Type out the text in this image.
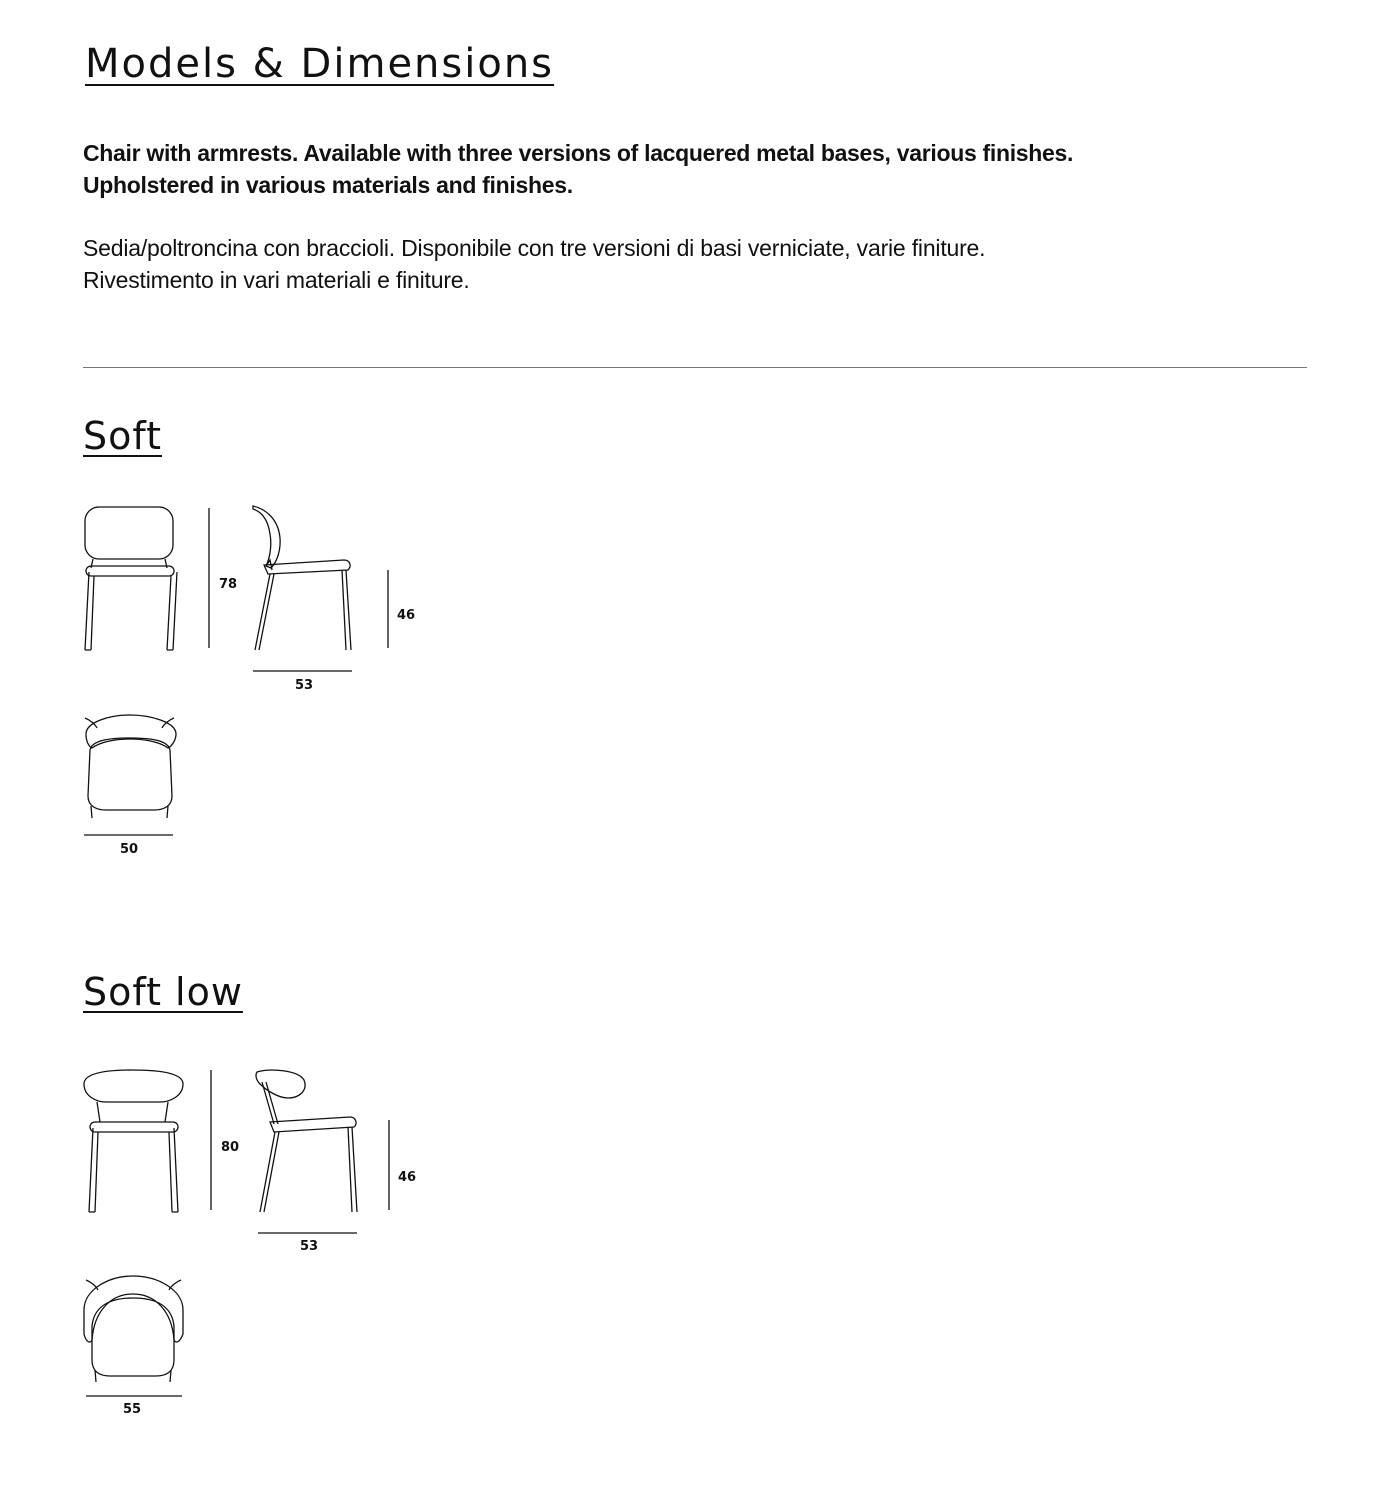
Models & Dimensions

Chair with armrests. Available with three versions of lacquered metal bases, various finishes.
Upholstered in various materials and finishes.

Sedia/poltroncina con braccioli. Disponibile con tre versioni di basi verniciate, varie finiture.
Rivestimento in vari materiali e finiture.

Soft
78
46
53
50
Soft low
80
46
53
55
